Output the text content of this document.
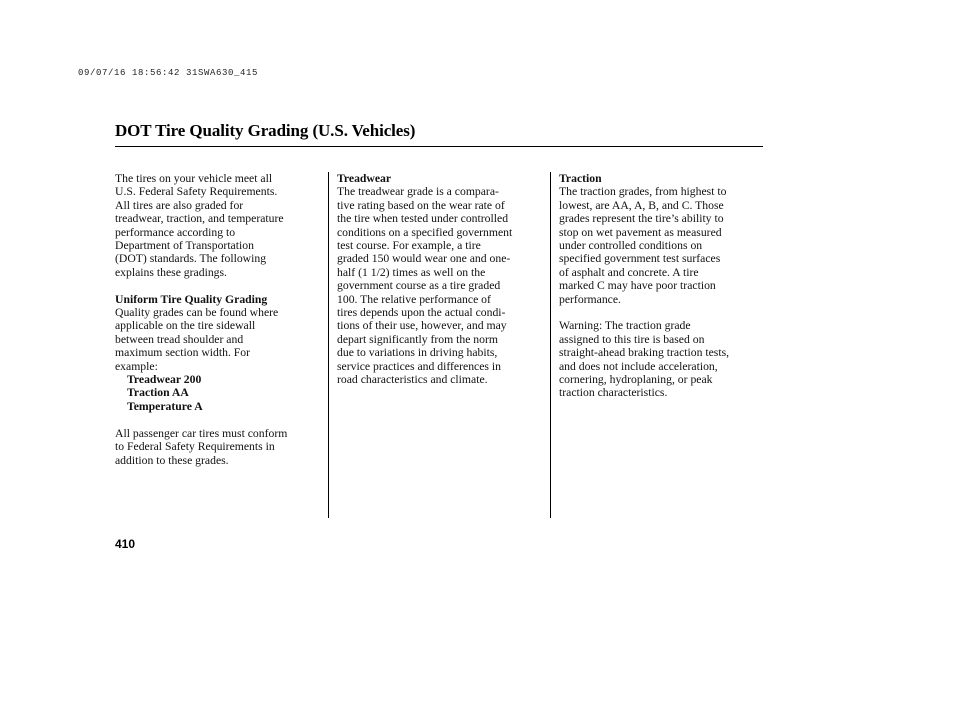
09/07/16 18:56:42 31SWA630_415
DOT Tire Quality Grading (U.S. Vehicles)
The tires on your vehicle meet all
U.S. Federal Safety Requirements.
All tires are also graded for
treadwear, traction, and temperature
performance according to
Department of Transportation
(DOT) standards. The following
explains these gradings.
Uniform Tire Quality Grading
Quality grades can be found where
applicable on the tire sidewall
between tread shoulder and
maximum section width. For
example:
Treadwear 200
Traction AA
Temperature A
All passenger car tires must conform
to Federal Safety Requirements in
addition to these grades.
Treadwear
The treadwear grade is a compara-
tive rating based on the wear rate of
the tire when tested under controlled
conditions on a specified government
test course. For example, a tire
graded 150 would wear one and one-
half (1 1/2) times as well on the
government course as a tire graded
100. The relative performance of
tires depends upon the actual condi-
tions of their use, however, and may
depart significantly from the norm
due to variations in driving habits,
service practices and differences in
road characteristics and climate.
Traction
The traction grades, from highest to
lowest, are AA, A, B, and C. Those
grades represent the tire’s ability to
stop on wet pavement as measured
under controlled conditions on
specified government test surfaces
of asphalt and concrete. A tire
marked C may have poor traction
performance.
Warning: The traction grade
assigned to this tire is based on
straight-ahead braking traction tests,
and does not include acceleration,
cornering, hydroplaning, or peak
traction characteristics.
410
